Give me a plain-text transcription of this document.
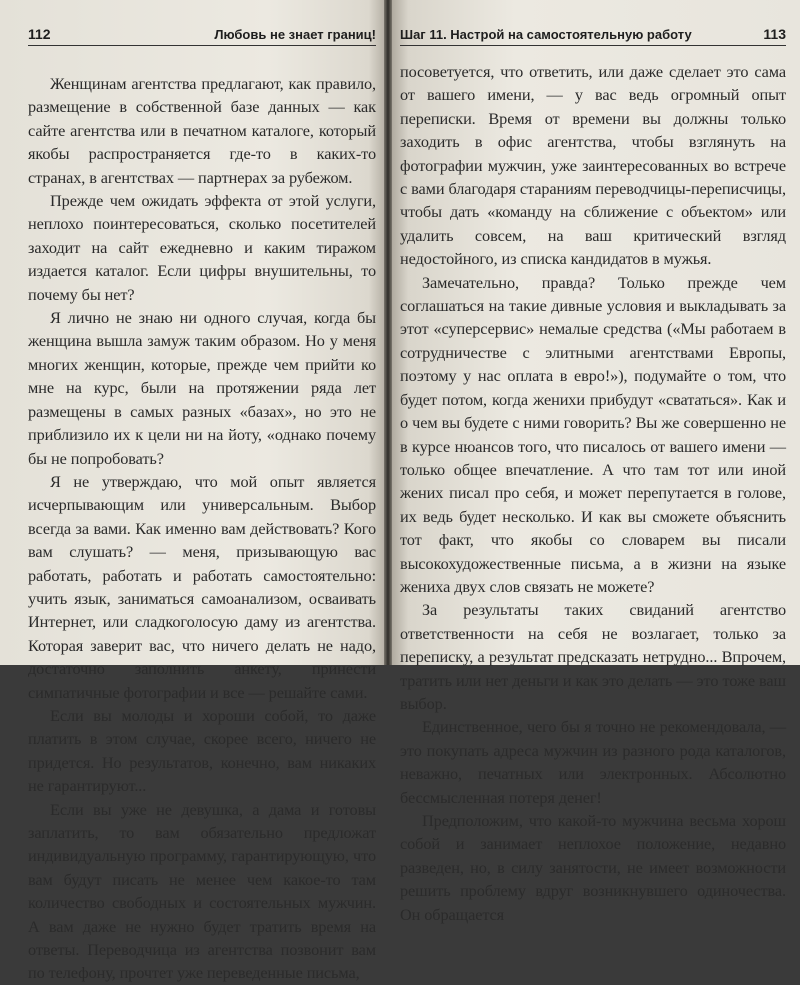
112	Любовь не знает границ!

Женщинам агентства предлагают, как правило, размещение в собственной базе данных — как сайте агентства или в печатном каталоге, который якобы распространяется где-то в каких-то странах, в агентствах — партнерах за рубежом.

Прежде чем ожидать эффекта от этой услуги, неплохо поинтересоваться, сколько посетителей заходит на сайт ежедневно и каким тиражом издается каталог. Если цифры внушительны, то почему бы нет?

Я лично не знаю ни одного случая, когда бы женщина вышла замуж таким образом. Но у меня многих женщин, которые, прежде чем прийти ко мне на курс, были на протяжении ряда лет размещены в самых разных «базах», но это не приблизило их к цели ни на йоту, «однако почему бы не попробовать?

Я не утверждаю, что мой опыт является исчерпывающим или универсальным. Выбор всегда за вами. Как именно вам действовать? Кого вам слушать? — меня, призывающую вас работать, работать и работать самостоятельно: учить язык, заниматься самоанализом, осваивать Интернет, или сладкоголосую даму из агентства. Которая заверит вас, что ничего делать не надо, достаточно заполнить анкету, принести симпатичные фотографии и все — решайте сами.

Если вы молоды и хороши собой, то даже платить в этом случае, скорее всего, ничего не придется. Но результатов, конечно, вам никаких не гарантируют...

Если вы уже не девушка, а дама и готовы заплатить, то вам обязательно предложат индивидуальную программу, гарантирующую, что вам будут писать не менее чем какое-то там количество свободных и состоятельных мужчин. А вам даже не нужно будет тратить время на ответы. Переводчица из агентства позвонит вам по телефону, прочтет уже переведенные письма,

Шаг 11. Настрой на самостоятельную работу	113

посоветуется, что ответить, или даже сделает это сама от вашего имени, — у вас ведь огромный опыт переписки. Время от времени вы должны только заходить в офис агентства, чтобы взглянуть на фотографии мужчин, уже заинтересованных во встрече с вами благодаря стараниям переводчицы-переписчицы, чтобы дать «команду на сближение с объектом» или удалить совсем, на ваш критический взгляд недостойного, из списка кандидатов в мужья.

Замечательно, правда? Только прежде чем соглашаться на такие дивные условия и выкладывать за этот «суперсервис» немалые средства («Мы работаем в сотрудничестве с элитными агентствами Европы, поэтому у нас оплата в евро!»), подумайте о том, что будет потом, когда женихи прибудут «свататься». Как и о чем вы будете с ними говорить? Вы же совершенно не в курсе нюансов того, что писалось от вашего имени — только общее впечатление. А что там тот или иной жених писал про себя, и может перепутается в голове, их ведь будет несколько. И как вы сможете объяснить тот факт, что якобы со словарем вы писали высокохудожественные письма, а в жизни на языке жениха двух слов связать не можете?

За результаты таких свиданий агентство ответственности на себя не возлагает, только за переписку, а результат предсказать нетрудно... Впрочем, тратить или нет деньги и как это делать — это тоже ваш выбор.

Единственное, чего бы я точно не рекомендовала, — это покупать адреса мужчин из разного рода каталогов, неважно, печатных или электронных. Абсолютно бессмысленная потеря денег!

Предположим, что какой-то мужчина весьма хорош собой и занимает неплохое положение, недавно разведен, но, в силу занятости, не имеет возможности решить проблему вдруг возникнувшего одиночества. Он обращается
